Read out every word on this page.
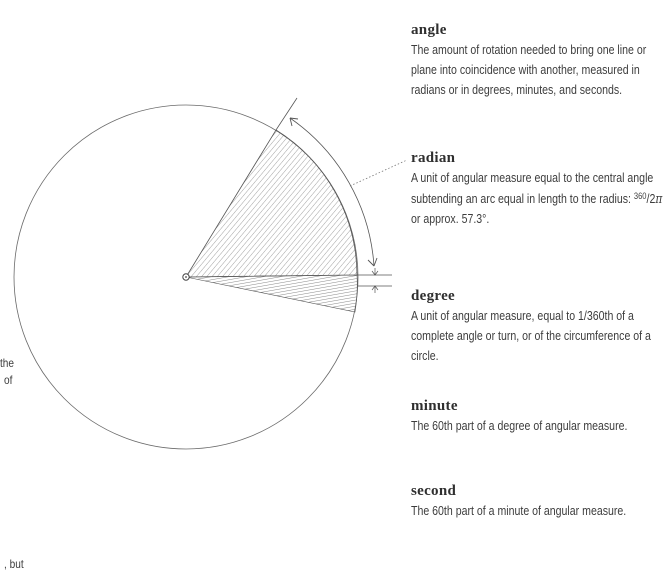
the
of
, but
angle
The amount of rotation needed to bring one line or plane into coincidence with another, measured in radians or in degrees, minutes, and seconds.
radian
A unit of angular measure equal to the central angle subtending an arc equal in length to the radius: $^{360}$/2π or approx. 57.3°.
degree
A unit of angular measure, equal to 1/360th of a complete angle or turn, or of the circumference of a circle.
minute
The 60th part of a degree of angular measure.
second
The 60th part of a minute of angular measure.
